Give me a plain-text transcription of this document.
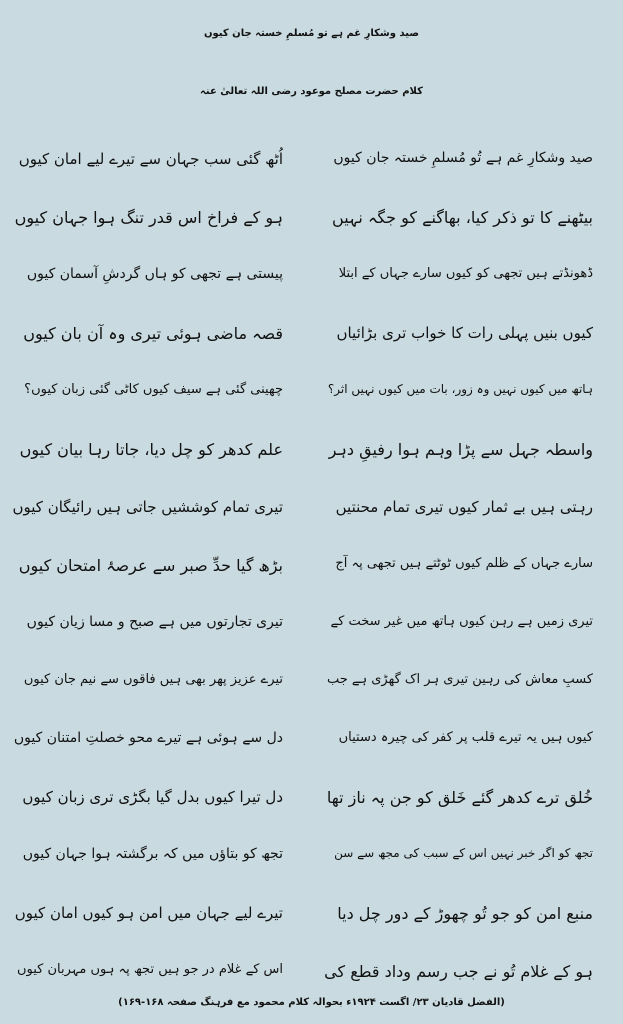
صید وشکارِ غم ہے تو مُسلمِ خستہ جان کیوں
کلام حضرت مصلح موعود رضی اللہ تعالیٰ عنہ
صید وشکارِ غم ہے تُو مُسلمِ خستہ جان کیوں
اُٹھ گئی سب جہان سے تیرے لیے امان کیوں
بیٹھنے کا تو ذکر کیا، بھاگنے کو جگہ نہیں
ہو کے فراخ اس قدر تنگ ہوا جہان کیوں
ڈھونڈتے ہیں تجھی کو کیوں سارے جہاں کے ابتلا
پیستی ہے تجھی کو ہاں گردشِ آسمان کیوں
کیوں بنیں پہلی رات کا خواب تری بڑائیاں
قصہ ماضی ہوئی تیری وہ آن بان کیوں
ہاتھ میں کیوں نہیں وہ زور، بات میں کیوں نہیں اثر؟
چھینی گئی ہے سیف کیوں کاٹی گئی زبان کیوں؟
واسطہ جہل سے پڑا وہم ہوا رفیقِ دہر
علم کدھر کو چل دیا، جاتا رہا بیان کیوں
رہتی ہیں بے ثمار کیوں تیری تمام محنتیں
تیری تمام کوششیں جاتی ہیں رائیگان کیوں
سارے جہاں کے ظلم کیوں ٹوٹتے ہیں تجھی پہ آج
بڑھ گیا حدِّ صبر سے عرصۂ امتحان کیوں
تیری زمیں ہے رہن کیوں ہاتھ میں غیر سخت کے
تیری تجارتوں میں ہے صبح و مسا زیان کیوں
کسبِ معاش کی رہین تیری ہر اک گھڑی ہے جب
تیرے عزیز پھر بھی ہیں فاقوں سے نیم جان کیوں
کیوں ہیں یہ تیرے قلب پر کفر کی چیرہ دستیاں
دل سے ہوئی ہے تیرے محو خصلتِ امتنان کیوں
خُلق ترے کدھر گئے خَلق کو جن پہ ناز تھا
دل تیرا کیوں بدل گیا بگڑی تری زبان کیوں
تجھ کو اگر خبر نہیں اس کے سبب کی مجھ سے سن
تجھ کو بتاؤں میں کہ برگشتہ ہوا جہان کیوں
منبع امن کو جو تُو چھوڑ کے دور چل دیا
تیرے لیے جہان میں امن ہو کیوں امان کیوں
ہو کے غلام تُو نے جب رسم وداد قطع کی
اس کے غلام در جو ہیں تجھ پہ ہوں مہربان کیوں
(الفضل قادیان ۲۳/ اگست ۱۹۲۴ء بحوالہ کلام محمود مع فرہنگ صفحہ ۱۶۸-۱۶۹)
